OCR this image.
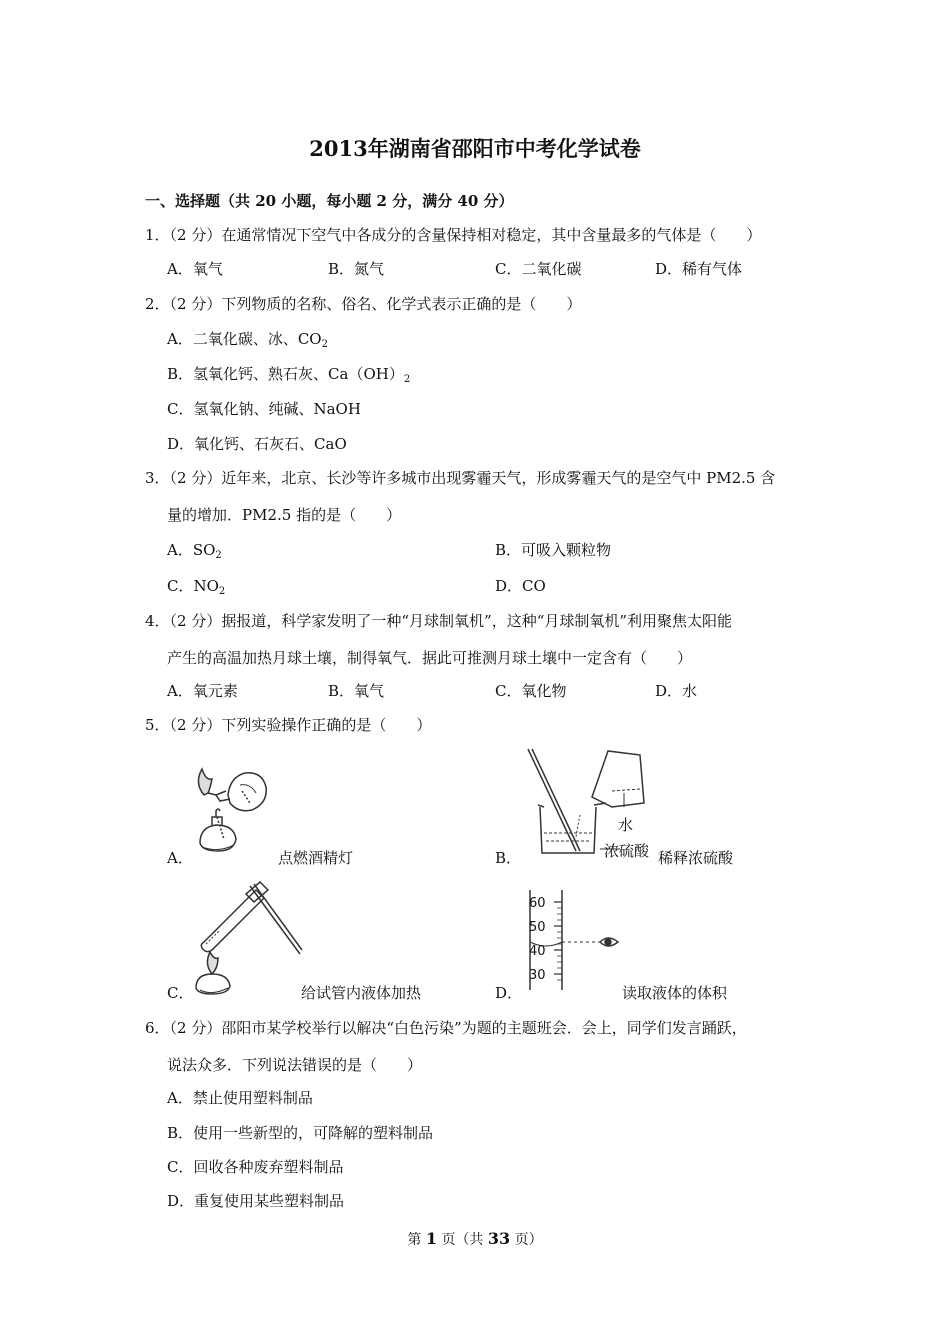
2013年湖南省邵阳市中考化学试卷
一、选择题（共 20 小题，每小题 2 分，满分 40 分）
1．（2 分）在通常情况下空气中各成分的含量保持相对稳定，其中含量最多的气体是（　　）
A．氧气	B．氮气	C．二氧化碳	D．稀有气体
2．（2 分）下列物质的名称、俗名、化学式表示正确的是（　　）
A．二氧化碳、冰、$CO_2$
B．氢氧化钙、熟石灰、$Ca(OH)_2$
C．氢氧化钠、纯碱、NaOH
D．氧化钙、石灰石、CaO
3．（2 分）近年来，北京、长沙等许多城市出现雾霾天气，形成雾霾天气的是空气中 PM2.5 含
量的增加．PM2.5 指的是（　　）
A．$SO_2$	B．可吸入颗粒物
C．$NO_2$	D．CO
4．（2 分）据报道，科学家发明了一种“月球制氧机”，这种“月球制氧机”利用聚焦太阳能
产生的高温加热月球土壤，制得氧气．据此可推测月球土壤中一定含有（　　）
A．氧元素	B．氧气	C．氧化物	D．水
5．（2 分）下列实验操作正确的是（　　）
A．	点燃酒精灯
水
浓硫酸
B．	稀释浓硫酸
C．	给试管内液体加热
60
50
40
30
D．	读取液体的体积
6．（2 分）邵阳市某学校举行以解决“白色污染”为题的主题班会．会上，同学们发言踊跃，
说法众多．下列说法错误的是（　　）
A．禁止使用塑料制品
B．使用一些新型的，可降解的塑料制品
C．回收各种废弃塑料制品
D．重复使用某些塑料制品
第 1 页（共 33 页）
